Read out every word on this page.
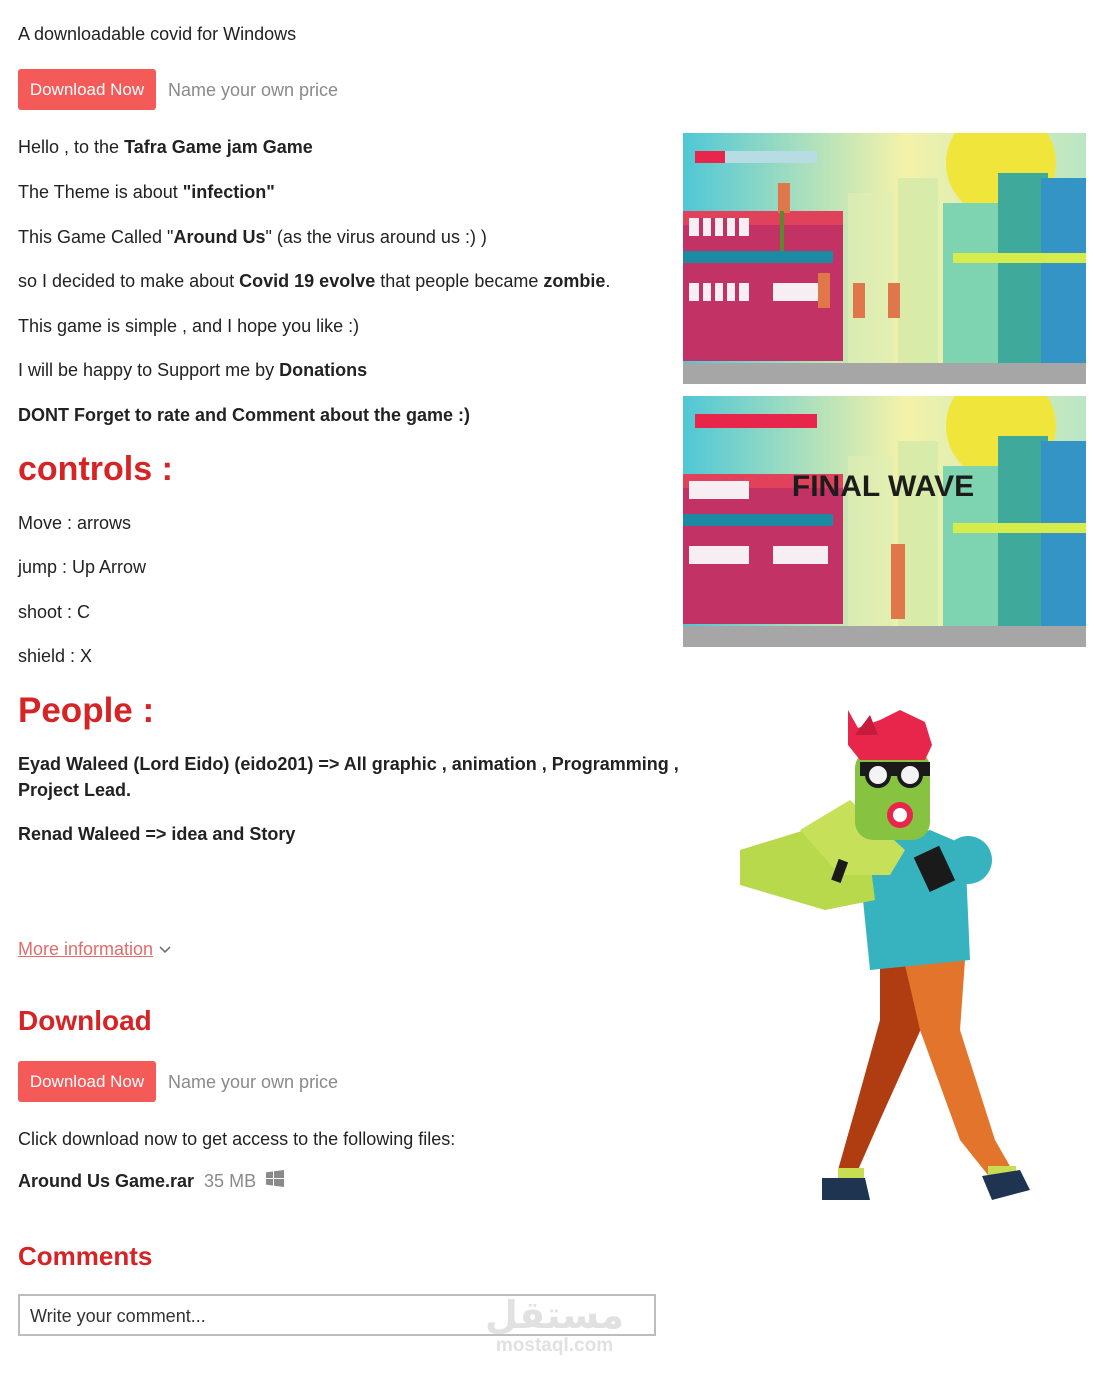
A downloadable covid for Windows
Download Now	Name your own price
Hello , to the Tafra Game jam Game
The Theme is about "infection"
This Game Called "Around Us" (as the virus around us :) )
so I decided to make about Covid 19 evolve that people became zombie.
This game is simple , and I hope you like :)
I will be happy to Support me by Donations
DONT Forget to rate and Comment about the game :)
controls :
Move : arrows
jump : Up Arrow
shoot : C
shield : X
People :
Eyad Waleed (Lord Eido) (eido201) => All graphic , animation , Programming ,
Project Lead.
Renad Waleed => idea and Story
More information
Download
Download Now	Name your own price
Click download now to get access to the following files:
Around Us Game.rar 35 MB
Comments
Write your comment...	مستقل
mostaql.com
FINAL WAVE
